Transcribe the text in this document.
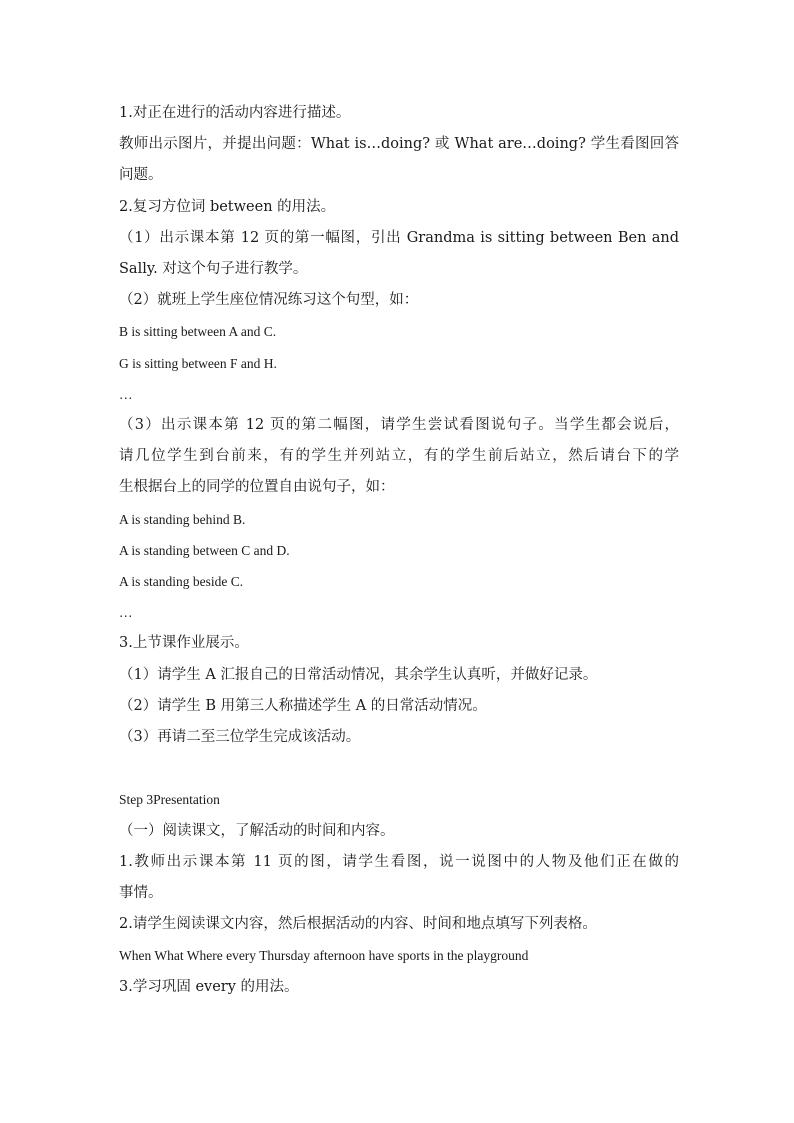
1.对正在进行的活动内容进行描述。
教师出示图片，并提出问题：What is…doing? 或 What are…doing? 学生看图回答
问题。
2.复习方位词 between 的用法。
（1）出示课本第 12 页的第一幅图，引出 Grandma is sitting between Ben and
Sally. 对这个句子进行教学。
（2）就班上学生座位情况练习这个句型，如：
B is sitting between A and C.
G is sitting between F and H.
…
（3）出示课本第 12 页的第二幅图，请学生尝试看图说句子。当学生都会说后，
请几位学生到台前来，有的学生并列站立，有的学生前后站立，然后请台下的学
生根据台上的同学的位置自由说句子，如：
A is standing behind B.
A is standing between C and D.
A is standing beside C.
…
3.上节课作业展示。
（1）请学生 A 汇报自己的日常活动情况，其余学生认真听，并做好记录。
（2）请学生 B 用第三人称描述学生 A 的日常活动情况。
（3）再请二至三位学生完成该活动。
Step 3Presentation
（一）阅读课文，了解活动的时间和内容。
1.教师出示课本第 11 页的图，请学生看图，说一说图中的人物及他们正在做的
事情。
2.请学生阅读课文内容，然后根据活动的内容、时间和地点填写下列表格。
When What Where every Thursday afternoon have sports in the playground
3.学习巩固 every 的用法。
